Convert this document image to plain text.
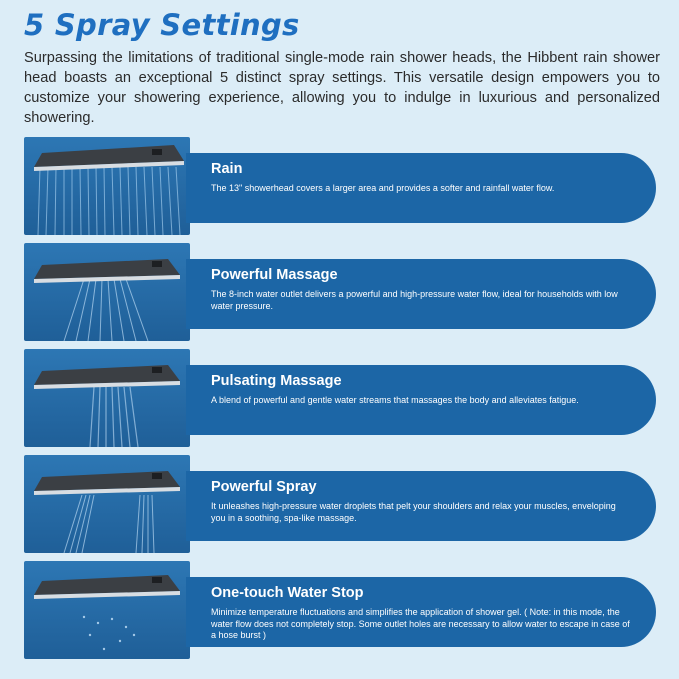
5 Spray Settings
Surpassing the limitations of traditional single-mode rain shower heads, the Hibbent rain shower head boasts an exceptional 5 distinct spray settings. This versatile design empowers you to customize your showering experience, allowing you to indulge in luxurious and personalized showering.
Rain
The 13" showerhead covers a larger area and provides a softer and rainfall water flow.
Powerful Massage
The 8-inch water outlet delivers a powerful and high-pressure water flow, ideal for households with low water pressure.
Pulsating Massage
A blend of powerful and gentle water streams that massages the body and alleviates fatigue.
Powerful Spray
It unleashes high-pressure water droplets that pelt your shoulders and relax your muscles, enveloping you in a soothing, spa-like massage.
One-touch Water Stop
Minimize temperature fluctuations and simplifies the application of shower gel. ( Note: in this mode, the water flow does not completely stop. Some outlet holes are necessary to allow water to escape in case of a hose burst )
